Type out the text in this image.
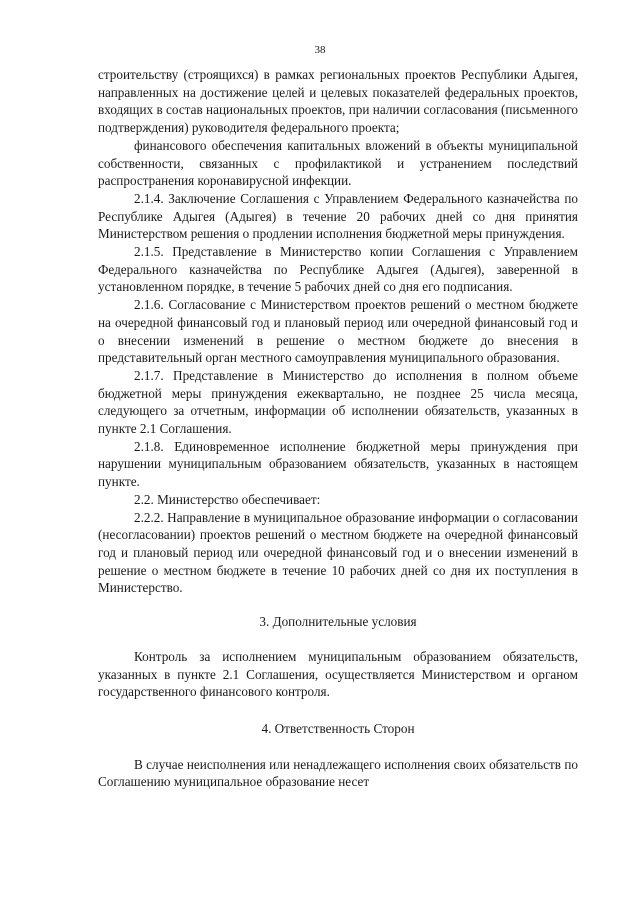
38

строительству (строящихся) в рамках региональных проектов Республики Адыгея, направленных на достижение целей и целевых показателей федеральных проектов, входящих в состав национальных проектов, при наличии согласования (письменного подтверждения) руководителя федерального проекта;

финансового обеспечения капитальных вложений в объекты муниципальной собственности, связанных с профилактикой и устранением последствий распространения коронавирусной инфекции.

2.1.4. Заключение Соглашения с Управлением Федерального казначейства по Республике Адыгея (Адыгея) в течение 20 рабочих дней со дня принятия Министерством решения о продлении исполнения бюджетной меры принуждения.

2.1.5. Представление в Министерство копии Соглашения с Управлением Федерального казначейства по Республике Адыгея (Адыгея), заверенной в установленном порядке, в течение 5 рабочих дней со дня его подписания.

2.1.6. Согласование с Министерством проектов решений о местном бюджете на очередной финансовый год и плановый период или очередной финансовый год и о внесении изменений в решение о местном бюджете до внесения в представительный орган местного самоуправления муниципального образования.

2.1.7. Представление в Министерство до исполнения в полном объеме бюджетной меры принуждения ежеквартально, не позднее 25 числа месяца, следующего за отчетным, информации об исполнении обязательств, указанных в пункте 2.1 Соглашения.

2.1.8. Единовременное исполнение бюджетной меры принуждения при нарушении муниципальным образованием обязательств, указанных в настоящем пункте.

2.2. Министерство обеспечивает:

2.2.2. Направление в муниципальное образование информации о согласовании (несогласовании) проектов решений о местном бюджете на очередной финансовый год и плановый период или очередной финансовый год и о внесении изменений в решение о местном бюджете в течение 10 рабочих дней со дня их поступления в Министерство.

3. Дополнительные условия

Контроль за исполнением муниципальным образованием обязательств, указанных в пункте 2.1 Соглашения, осуществляется Министерством и органом государственного финансового контроля.

4. Ответственность Сторон

В случае неисполнения или ненадлежащего исполнения своих обязательств по Соглашению муниципальное образование несет
